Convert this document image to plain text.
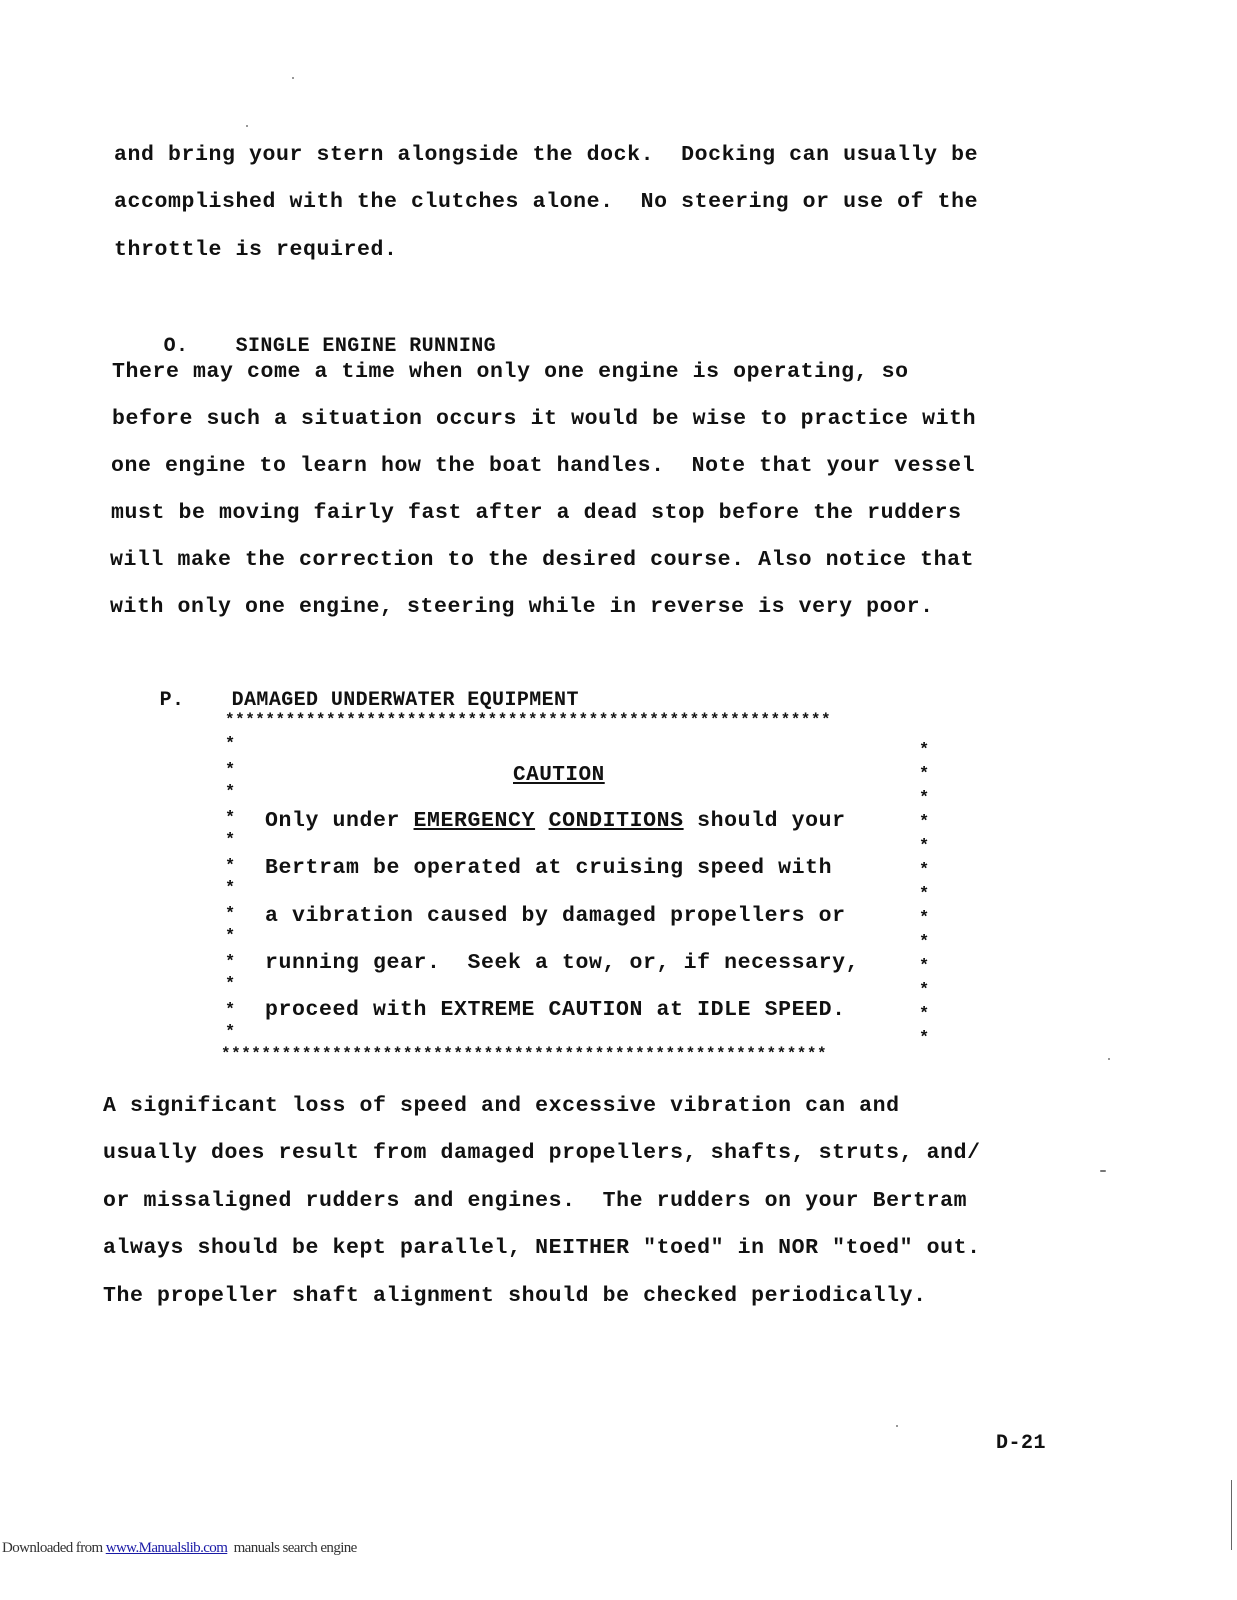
and bring your stern alongside the dock.  Docking can usually be
accomplished with the clutches alone.  No steering or use of the
throttle is required.

O. SINGLE ENGINE RUNNING

There may come a time when only one engine is operating, so
before such a situation occurs it would be wise to practice with
one engine to learn how the boat handles.  Note that your vessel
must be moving fairly fast after a dead stop before the rudders
will make the correction to the desired course. Also notice that
with only one engine, steering while in reverse is very poor.

P. DAMAGED UNDERWATER EQUIPMENT

************************************************************
CAUTION
Only under EMERGENCY CONDITIONS should your
Bertram be operated at cruising speed with
a vibration caused by damaged propellers or
running gear.  Seek a tow, or, if necessary,
proceed with EXTREME CAUTION at IDLE SPEED.
*	*
*	*
*	*
*	*
*	*
*	*
*	*
*	*
*	*
*	*
*	*
*	*
*	*
************************************************************
A significant loss of speed and excessive vibration can and
usually does result from damaged propellers, shafts, struts, and/
or missaligned rudders and engines.  The rudders on your Bertram
always should be kept parallel, NEITHER "toed" in NOR "toed" out.
The propeller shaft alignment should be checked periodically.
D-21
Downloaded from www.Manualslib.com  manuals search engine
